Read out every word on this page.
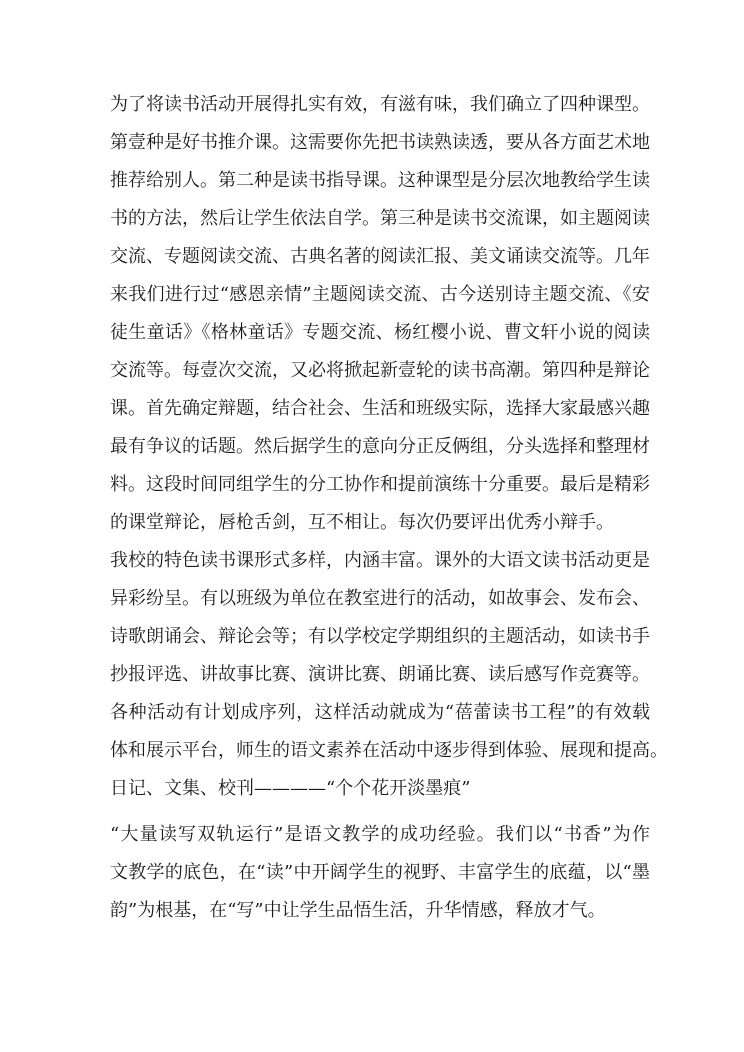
为了将读书活动开展得扎实有效，有滋有味，我们确立了四种课型。
第壹种是好书推介课。这需要你先把书读熟读透，要从各方面艺术地
推荐给别人。第二种是读书指导课。这种课型是分层次地教给学生读
书的方法，然后让学生依法自学。第三种是读书交流课，如主题阅读
交流、专题阅读交流、古典名著的阅读汇报、美文诵读交流等。几年
来我们进行过“感恩亲情”主题阅读交流、古今送别诗主题交流、《安
徒生童话》《格林童话》专题交流、杨红樱小说、曹文轩小说的阅读
交流等。每壹次交流，又必将掀起新壹轮的读书高潮。第四种是辩论
课。首先确定辩题，结合社会、生活和班级实际，选择大家最感兴趣
最有争议的话题。然后据学生的意向分正反俩组，分头选择和整理材
料。这段时间同组学生的分工协作和提前演练十分重要。最后是精彩
的课堂辩论，唇枪舌剑，互不相让。每次仍要评出优秀小辩手。
我校的特色读书课形式多样，内涵丰富。课外的大语文读书活动更是
异彩纷呈。有以班级为单位在教室进行的活动，如故事会、发布会、
诗歌朗诵会、辩论会等；有以学校定学期组织的主题活动，如读书手
抄报评选、讲故事比赛、演讲比赛、朗诵比赛、读后感写作竞赛等。
各种活动有计划成序列，这样活动就成为“蓓蕾读书工程”的有效载
体和展示平台，师生的语文素养在活动中逐步得到体验、展现和提高。
日记、文集、校刊————“个个花开淡墨痕”
“大量读写双轨运行”是语文教学的成功经验。我们以“书香”为作
文教学的底色，在“读”中开阔学生的视野、丰富学生的底蕴，以“墨
韵”为根基，在“写”中让学生品悟生活，升华情感，释放才气。
